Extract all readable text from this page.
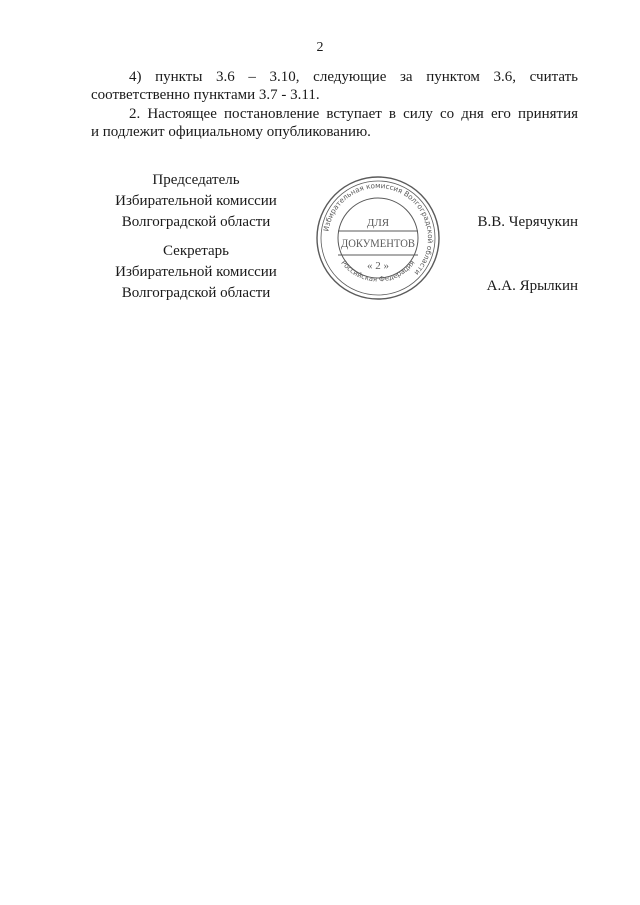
2
4) пункты 3.6 – 3.10, следующие за пунктом 3.6, считать
соответственно пунктами 3.7 - 3.11.
2. Настоящее постановление вступает в силу со дня его принятия
и подлежит официальному опубликованию.
Председатель
Избирательной комиссии
Волгоградской области	В.В. Черячукин
Секретарь
Избирательной комиссии
Волгоградской области	А.А. Ярылкин
Избирательная комиссия Волгоградской области
Российская Федерация
ДЛЯ
ДОКУМЕНТОВ
« 2 »
